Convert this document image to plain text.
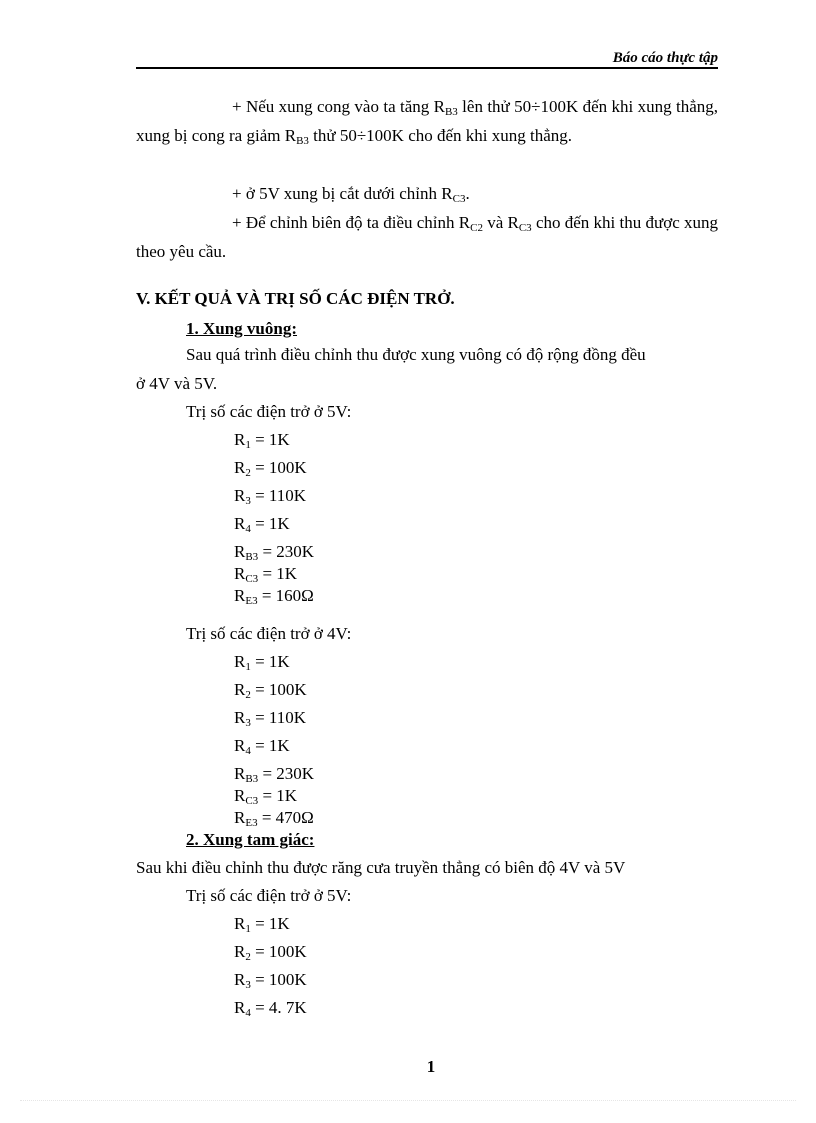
Báo cáo thực tập
+ Nếu xung cong vào ta tăng $R_{B3}$ lên thử 50÷100K đến khi xung thẳng, xung bị cong ra giảm $R_{B3}$ thử 50÷100K cho đến khi xung thẳng.
+ ở 5V xung bị cắt dưới chỉnh $R_{C3}$.
+ Để chỉnh biên độ ta điều chỉnh $R_{C2}$ và $R_{C3}$ cho đến khi thu được xung theo yêu cầu.
V. KẾT QUẢ VÀ TRỊ SỐ CÁC ĐIỆN TRỞ.
1. Xung vuông:
Sau quá trình điều chỉnh thu được xung vuông có độ rộng đồng đều
ở 4V và 5V.
Trị số các điện trở ở 5V:
$R_1 = 1K$
$R_2 = 100K$
$R_3 = 110K$
$R_4 = 1K$
$R_{B3} = 230K$
$R_{C3} = 1K$
$R_{E3} = 160\Omega$
Trị số các điện trở ở 4V:
$R_1 = 1K$
$R_2 = 100K$
$R_3 = 110K$
$R_4 = 1K$
$R_{B3} = 230K$
$R_{C3} = 1K$
$R_{E3} = 470\Omega$
2. Xung tam giác:
Sau khi điều chỉnh thu được răng cưa truyền thẳng có biên độ 4V và 5V
Trị số các điện trở ở 5V:
$R_1 = 1K$
$R_2 = 100K$
$R_3 = 100K$
$R_4 = 4$. 7K
1
